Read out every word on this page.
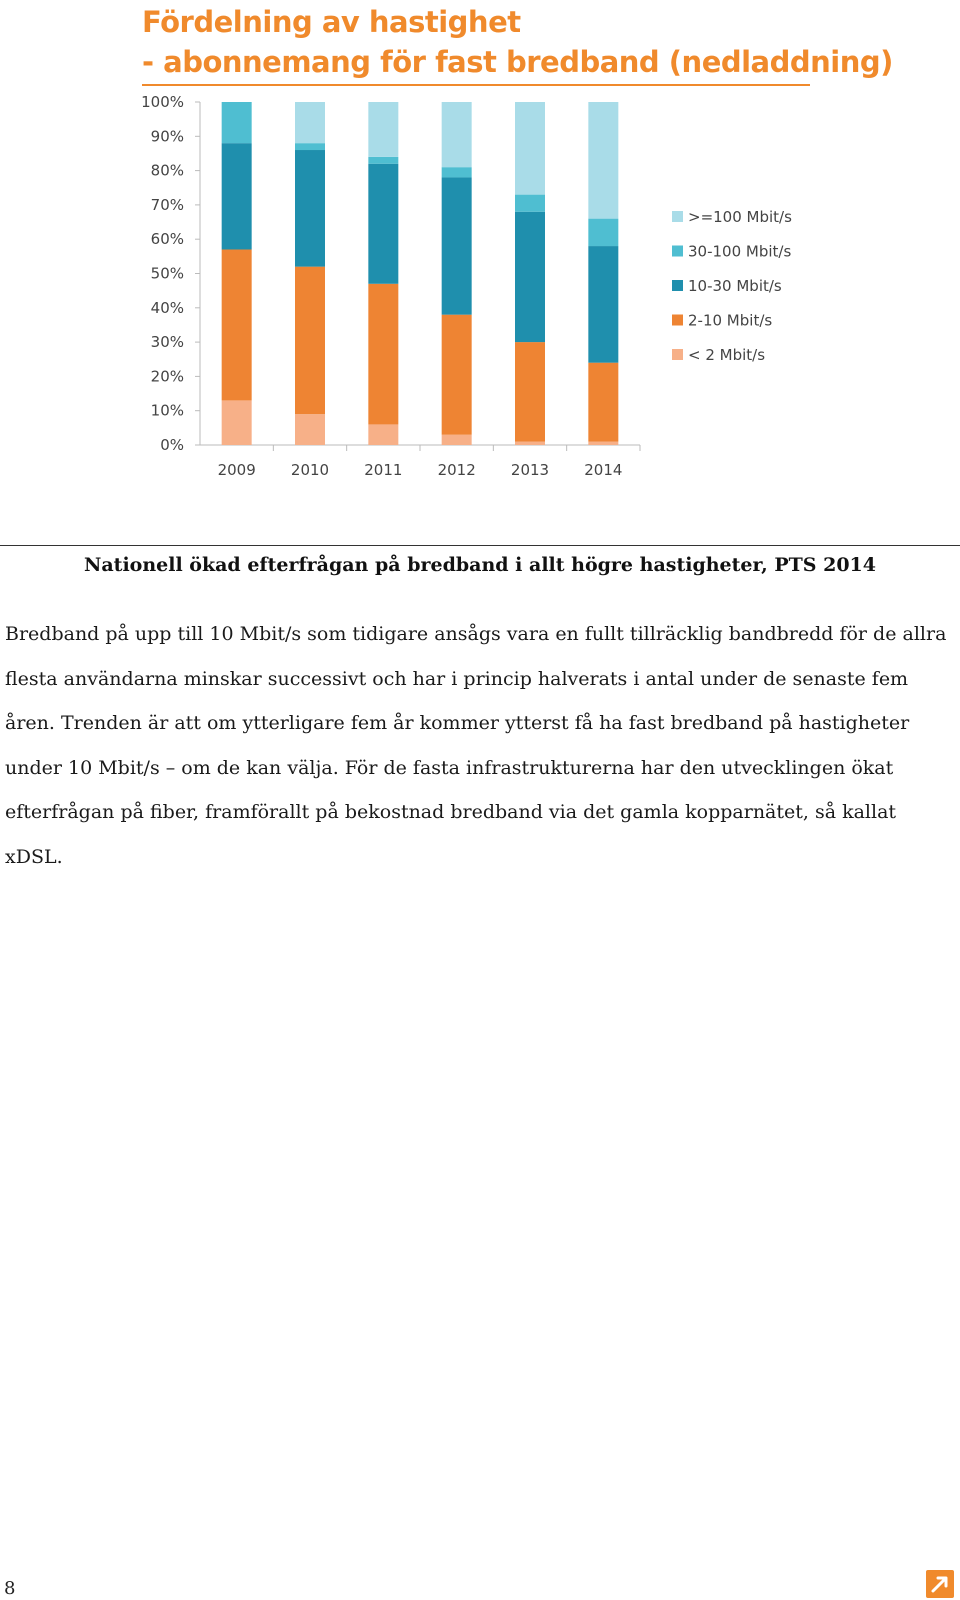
Fördelning av hastighet
- abonnemang för fast bredband (nedladdning)
0%
10%
20%
30%
40%
50%
60%
70%
80%
90%
100%
2009 2010 2011 2012 2013 2014
>=100 Mbit/s
30-100 Mbit/s
10-30 Mbit/s
2-10 Mbit/s
< 2 Mbit/s
Nationell ökad efterfrågan på bredband i allt högre hastigheter, PTS 2014

Bredband på upp till 10 Mbit/s som tidigare ansågs vara en fullt tillräcklig bandbredd för de allra flesta användarna minskar successivt och har i princip halverats i antal under de senaste fem åren. Trenden är att om ytterligare fem år kommer ytterst få ha fast bredband på hastigheter under 10 Mbit/s – om de kan välja. För de fasta infrastrukturerna har den utvecklingen ökat efterfrågan på fiber, framförallt på bekostnad bredband via det gamla kopparnätet, så kallat xDSL.

8
